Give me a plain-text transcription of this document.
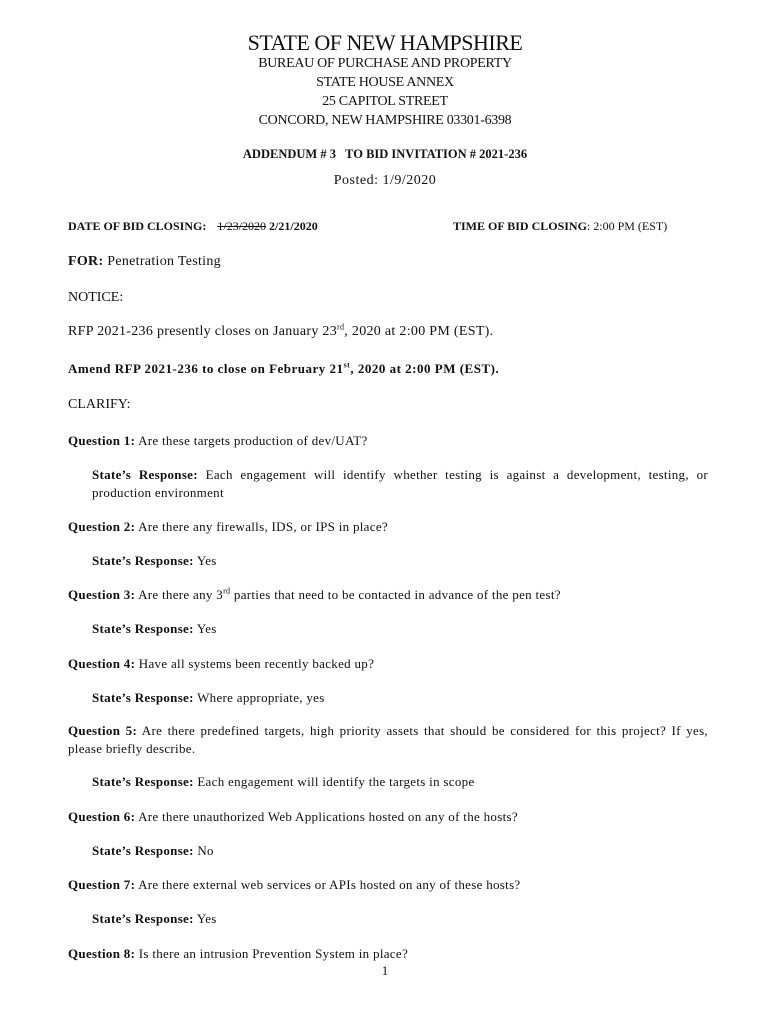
STATE OF NEW HAMPSHIRE
BUREAU OF PURCHASE AND PROPERTY
STATE HOUSE ANNEX
25 CAPITOL STREET
CONCORD, NEW HAMPSHIRE 03301-6398
ADDENDUM # 3   TO BID INVITATION # 2021-236
Posted: 1/9/2020
DATE OF BID CLOSING: 1/23/2020 2/21/2020	TIME OF BID CLOSING: 2:00 PM (EST)
FOR: Penetration Testing
NOTICE:
RFP 2021-236 presently closes on January 23rd, 2020 at 2:00 PM (EST).
Amend RFP 2021-236 to close on February 21st, 2020 at 2:00 PM (EST).
CLARIFY:
Question 1: Are these targets production of dev/UAT?
State’s Response: Each engagement will identify whether testing is against a development, testing, or production environment
Question 2: Are there any firewalls, IDS, or IPS in place?
State’s Response: Yes
Question 3: Are there any 3rd parties that need to be contacted in advance of the pen test?
State’s Response: Yes
Question 4: Have all systems been recently backed up?
State’s Response: Where appropriate, yes
Question 5: Are there predefined targets, high priority assets that should be considered for this project? If yes, please briefly describe.
State’s Response: Each engagement will identify the targets in scope
Question 6: Are there unauthorized Web Applications hosted on any of the hosts?
State’s Response: No
Question 7: Are there external web services or APIs hosted on any of these hosts?
State’s Response: Yes
Question 8: Is there an intrusion Prevention System in place?
1
